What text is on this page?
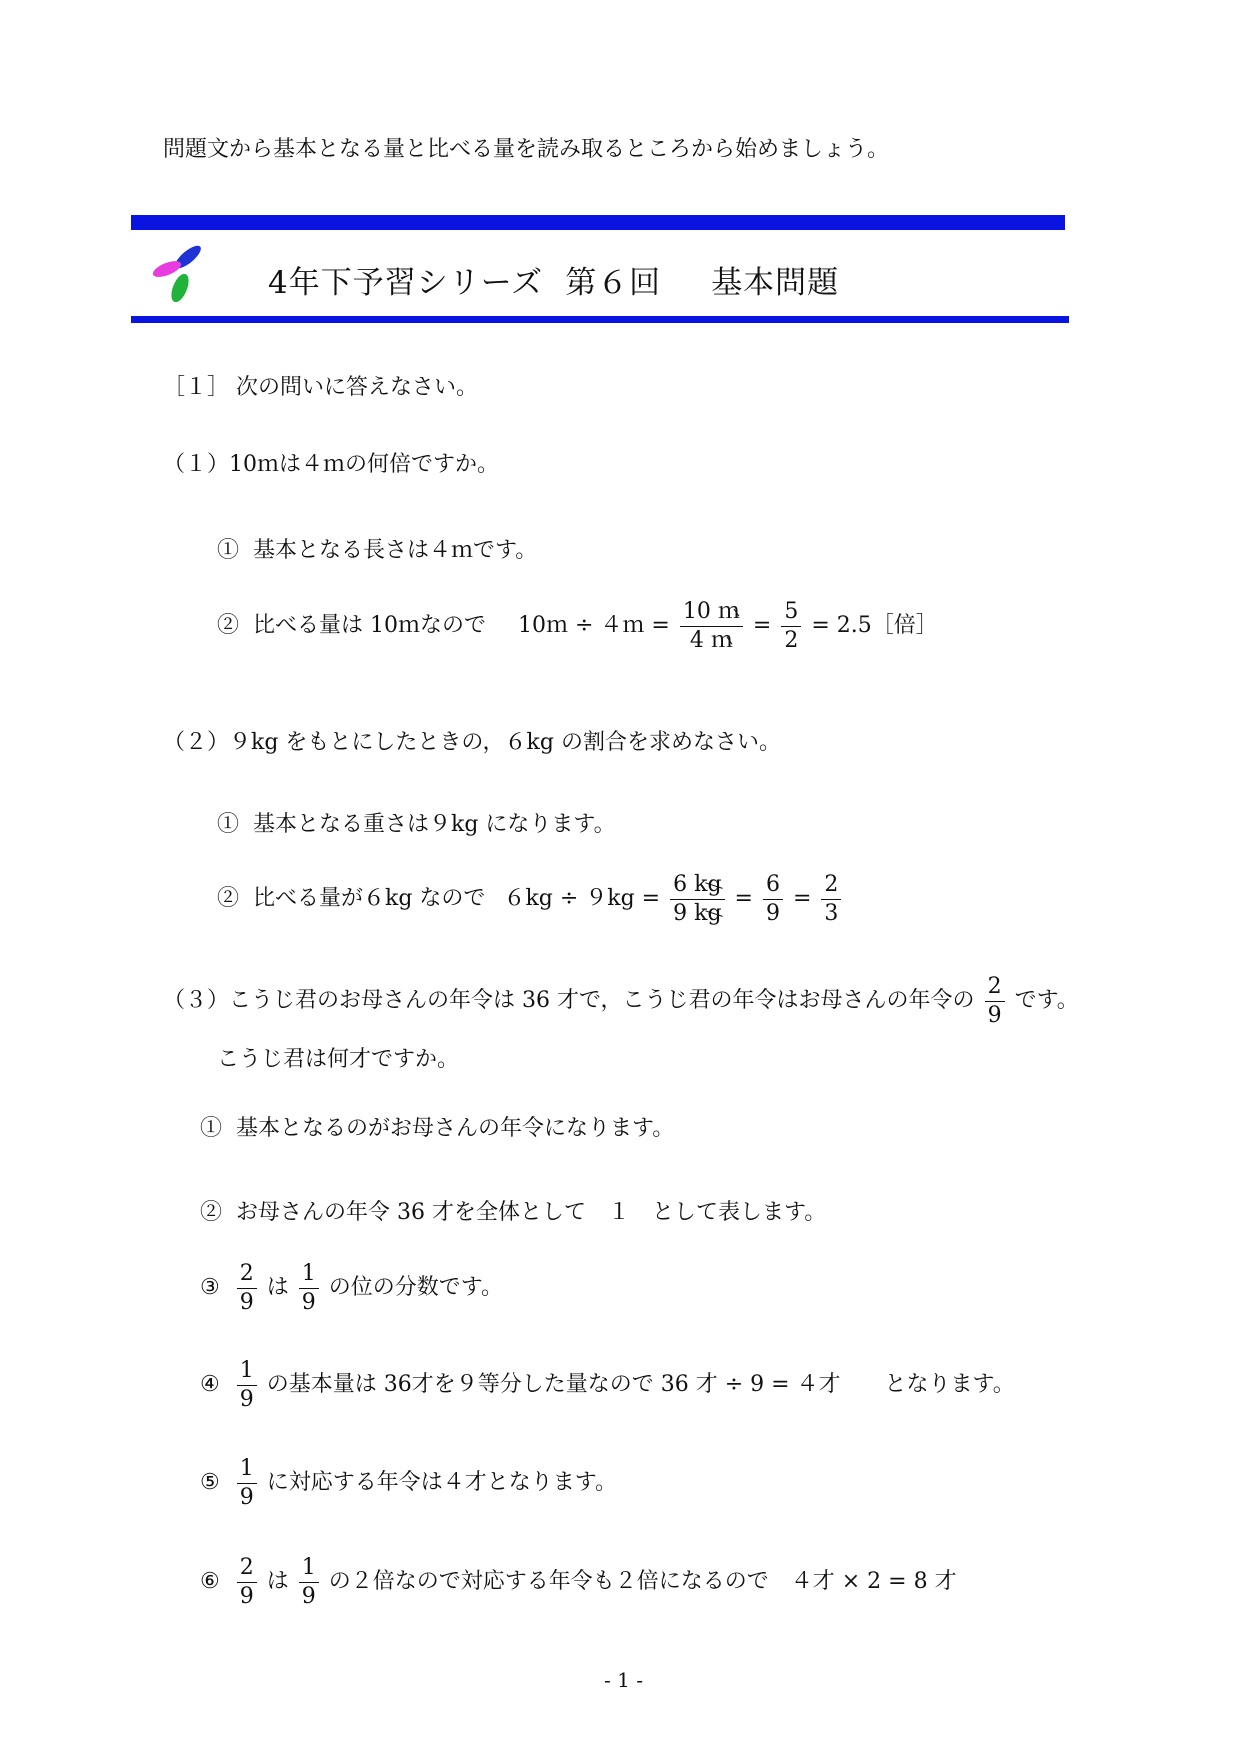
問題文から基本となる量と比べる量を読み取るところから始めましょう。
4年下予習シリーズ 第６回 基本問題
［１］ 次の問いに答えなさい。
（１）10ｍは４ｍの何倍ですか。
① 基本となる長さは４ｍです。
② 比べる量は 10ｍなので 10ｍ ÷ ４ｍ = $\frac{\text{10 ｍ}}{\text{4 ｍ}} = \frac{5}{2}$ = 2.5［倍］
（２）９kg をもとにしたときの，６kg の割合を求めなさい。
① 基本となる重さは９kg になります。
② 比べる量が６kg なので $6kg \div 9kg = \frac{6 kg}{9 kg} = \frac{6}{9} = \frac{2}{3}$
（３）こうじ君のお母さんの年令は 36 才で，こうじ君の年令はお母さんの年令の $\frac{2}{9}$ です。
こうじ君は何才ですか。
① 基本となるのがお母さんの年令になります。
② お母さんの年令 36 才を全体として　１　として表します。
③ $\frac{2}{9}$ は $\frac{1}{9}$ の位の分数です。
④ $\frac{1}{9}$ の基本量は 36才を９等分した量なので 36 才 ÷ 9 = ４才　　となります。
⑤ $\frac{1}{9}$ に対応する年令は４才となります。
⑥ $\frac{2}{9}$ は $\frac{1}{9}$ の２倍なので対応する年令も２倍になるので　４才 × 2 = 8 才
- 1 -
